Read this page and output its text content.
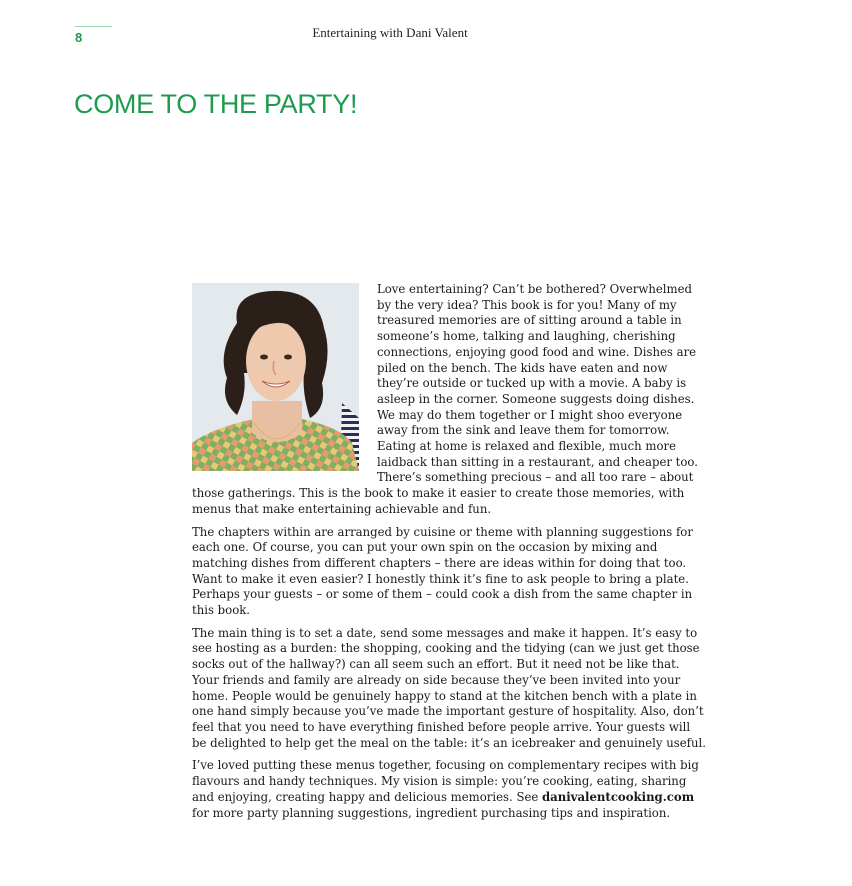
8	Entertaining with Dani Valent
COME TO THE PARTY!

Love entertaining? Can’t be bothered? Overwhelmed by the very idea? This book is for you! Many of my treasured memories are of sitting around a table in someone’s home, talking and laughing, cherishing connections, enjoying good food and wine. Dishes are piled on the bench. The kids have eaten and now they’re outside or tucked up with a movie. A baby is asleep in the corner. Someone suggests doing dishes. We may do them together or I might shoo everyone away from the sink and leave them for tomorrow. Eating at home is relaxed and flexible, much more laidback than sitting in a restaurant, and cheaper too. There’s something precious – and all too rare – about those gatherings. This is the book to make it easier to create those memories, with menus that make entertaining achievable and fun.

The chapters within are arranged by cuisine or theme with planning suggestions for each one. Of course, you can put your own spin on the occasion by mixing and matching dishes from different chapters – there are ideas within for doing that too. Want to make it even easier? I honestly think it’s fine to ask people to bring a plate. Perhaps your guests – or some of them – could cook a dish from the same chapter in this book.

The main thing is to set a date, send some messages and make it happen. It’s easy to see hosting as a burden: the shopping, cooking and the tidying (can we just get those socks out of the hallway?) can all seem such an effort. But it need not be like that. Your friends and family are already on side because they’ve been invited into your home. People would be genuinely happy to stand at the kitchen bench with a plate in one hand simply because you’ve made the important gesture of hospitality. Also, don’t feel that you need to have everything finished before people arrive. Your guests will be delighted to help get the meal on the table: it’s an icebreaker and genuinely useful.

I’ve loved putting these menus together, focusing on complementary recipes with big flavours and handy techniques. My vision is simple: you’re cooking, eating, sharing and enjoying, creating happy and delicious memories. See danivalentcooking.com for more party planning suggestions, ingredient purchasing tips and inspiration.
